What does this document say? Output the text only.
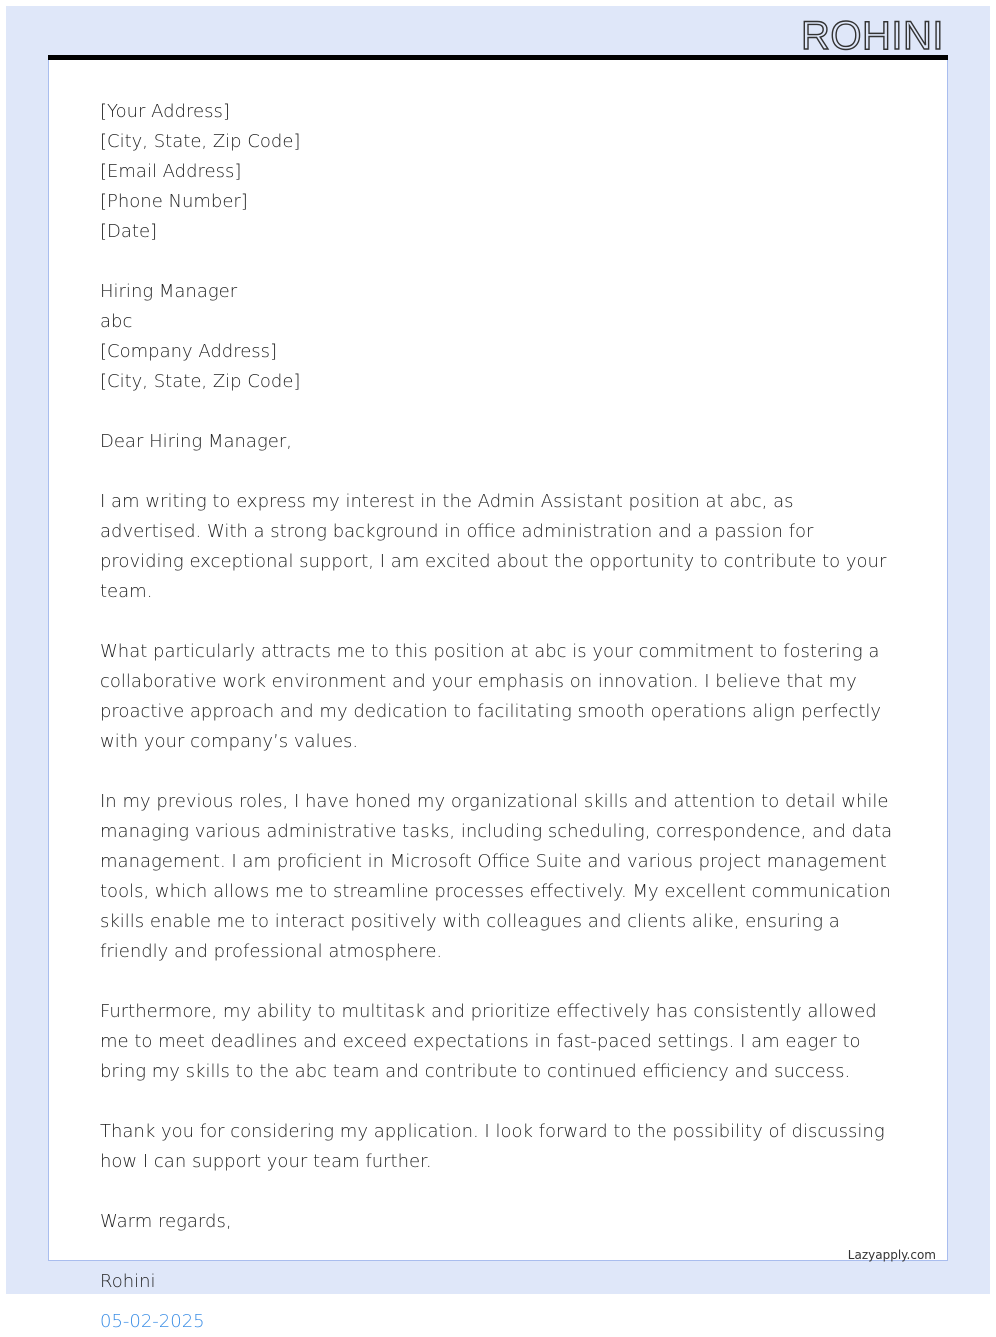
ROHINI
[Your Address]
[City, State, Zip Code]
[Email Address]
[Phone Number]
[Date]
Hiring Manager
abc
[Company Address]
[City, State, Zip Code]

Dear Hiring Manager,

I am writing to express my interest in the Admin Assistant position at abc, as advertised. With a strong background in office administration and a passion for providing exceptional support, I am excited about the opportunity to contribute to your team.

What particularly attracts me to this position at abc is your commitment to fostering a collaborative work environment and your emphasis on innovation. I believe that my proactive approach and my dedication to facilitating smooth operations align perfectly with your company’s values.

In my previous roles, I have honed my organizational skills and attention to detail while managing various administrative tasks, including scheduling, correspondence, and data management. I am proficient in Microsoft Office Suite and various project management tools, which allows me to streamline processes effectively. My excellent communication skills enable me to interact positively with colleagues and clients alike, ensuring a friendly and professional atmosphere.

Furthermore, my ability to multitask and prioritize effectively has consistently allowed me to meet deadlines and exceed expectations in fast-paced settings. I am eager to bring my skills to the abc team and contribute to continued efficiency and success.

Thank you for considering my application. I look forward to the possibility of discussing how I can support your team further.

Warm regards,

Rohini
05-02-2025
Lazyapply.com
